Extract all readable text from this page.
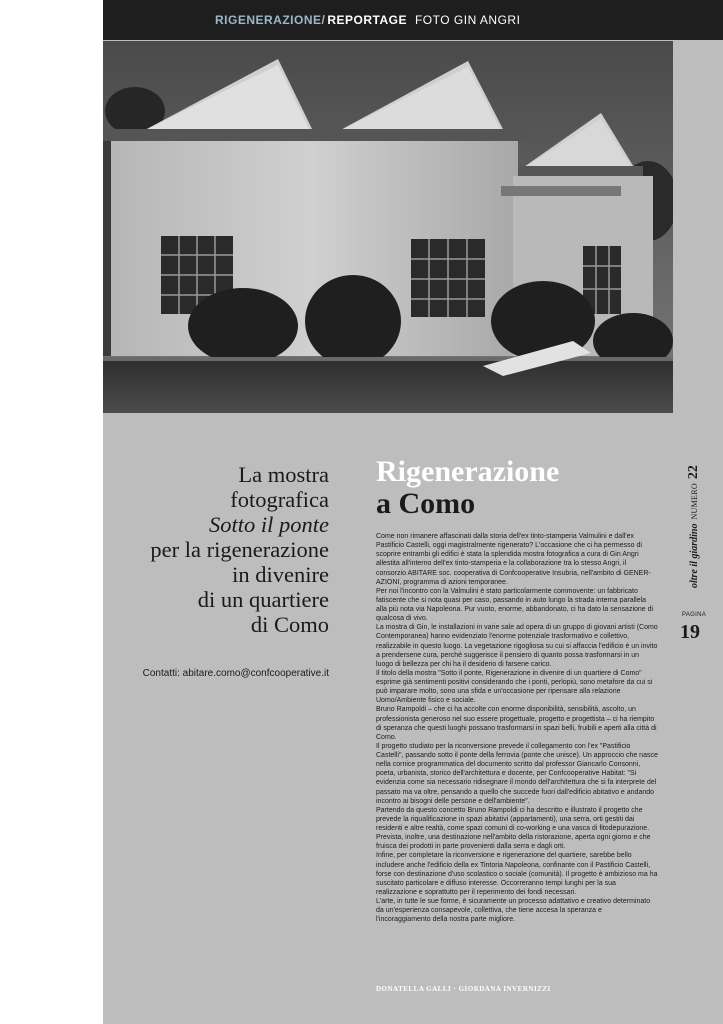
RIGENERAZIONE/ REPORTAGE FOTO GIN ANGRI
oltre il giardino
NUMERO
22
PAGINA
19
La mostra
fotografica
Sotto il ponte
per la rigenerazione
in divenire
di un quartiere
di Como
Contatti: abitare.como@confcooperative.it
Rigenerazione
a Como

Come non rimanere affascinati dalla storia dell'ex tinto-stamperia Valmulini e dall'ex Pastificio Castelli, oggi magistralmente rigenerato? L'occasione che ci ha permesso di scoprire entrambi gli edifici è stata la splendida mostra fotografica a cura di Gin Angri allestita all'interno dell'ex tinto-stamperia e la collaborazione tra lo stesso Angri, il consorzio ABITARE soc. cooperativa di Confcooperative Insubria, nell'ambito di GENER-AZIONI, programma di azioni temporanee.

Per noi l'incontro con la Valmulini è stato particolarmente commovente: un fabbricato fatiscente che si nota quasi per caso, passando in auto lungo la strada interna parallela alla più nota via Napoleona. Pur vuoto, enorme, abbandonato, ci ha dato la sensazione di qualcosa di vivo.

La mostra di Gin, le installazioni in varie sale ad opera di un gruppo di giovani artisti (Como Contemporanea) hanno evidenziato l'enorme potenziale trasformativo e collettivo, realizzabile in questo luogo. La vegetazione rigogliosa su cui si affaccia l'edificio è un invito a prendersene cura, perché suggerisce il pensiero di quanto possa trasformarsi in un luogo di bellezza per chi ha il desiderio di farsene carico.

Il titolo della mostra "Sotto il ponte, Rigenerazione in divenire di un quartiere di Como" esprime già sentimenti positivi considerando che i ponti, perlopiù, sono metafore da cui si può imparare molto, sono una sfida e un'occasione per ripensare alla relazione Uomo/Ambiente fisico e sociale.

Bruno Rampoldi – che ci ha accolte con enorme disponibilità, sensibilità, ascolto, un professionista generoso nel suo essere progettuale, progetto e progettista – ci ha riempito di speranza che questi luoghi possano trasformarsi in spazi belli, fruibili e aperti alla città di Como.

Il progetto studiato per la riconversione prevede il collegamento con l'ex "Pastificio Castelli", passando sotto il ponte della ferrovia (ponte che unisce). Un approccio che nasce nella cornice programmatica del documento scritto dal professor Giancarlo Consonni, poeta, urbanista, storico dell'architettura e docente, per Confcooperative Habitat: "Si evidenzia come sia necessario ridisegnare il mondo dell'architettura che si fa interprete del passato ma va oltre, pensando a quello che succede fuori dall'edificio abitativo e andando incontro ai bisogni delle persone e dell'ambiente".

Partendo da questo concetto Bruno Rampoldi ci ha descritto e illustrato il progetto che prevede la riqualificazione in spazi abitativi (appartamenti), una serra, orti gestiti dai residenti e altre realtà, come spazi comuni di co-working e una vasca di fitodepurazione. Prevista, inoltre, una destinazione nell'ambito della ristorazione, aperta ogni giorno e che fruisca dei prodotti in parte provenienti dalla serra e dagli orti.

Infine, per completare la riconversione e rigenerazione del quartiere, sarebbe bello includere anche l'edificio della ex Tintoria Napoleona, confinante con il Pastificio Castelli, forse con destinazione d'uso scolastico o sociale (comunità). Il progetto è ambizioso ma ha suscitato particolare e diffuso interesse. Occorreranno tempi lunghi per la sua realizzazione e soprattutto per il reperimento dei fondi necessari.

L'arte, in tutte le sue forme, è sicuramente un processo adattativo e creativo determinato da un'esperienza consapevole, collettiva, che tiene accesa la speranza e l'incoraggiamento della nostra parte migliore.

DONATELLA GALLI · GIORDANA INVERNIZZI
